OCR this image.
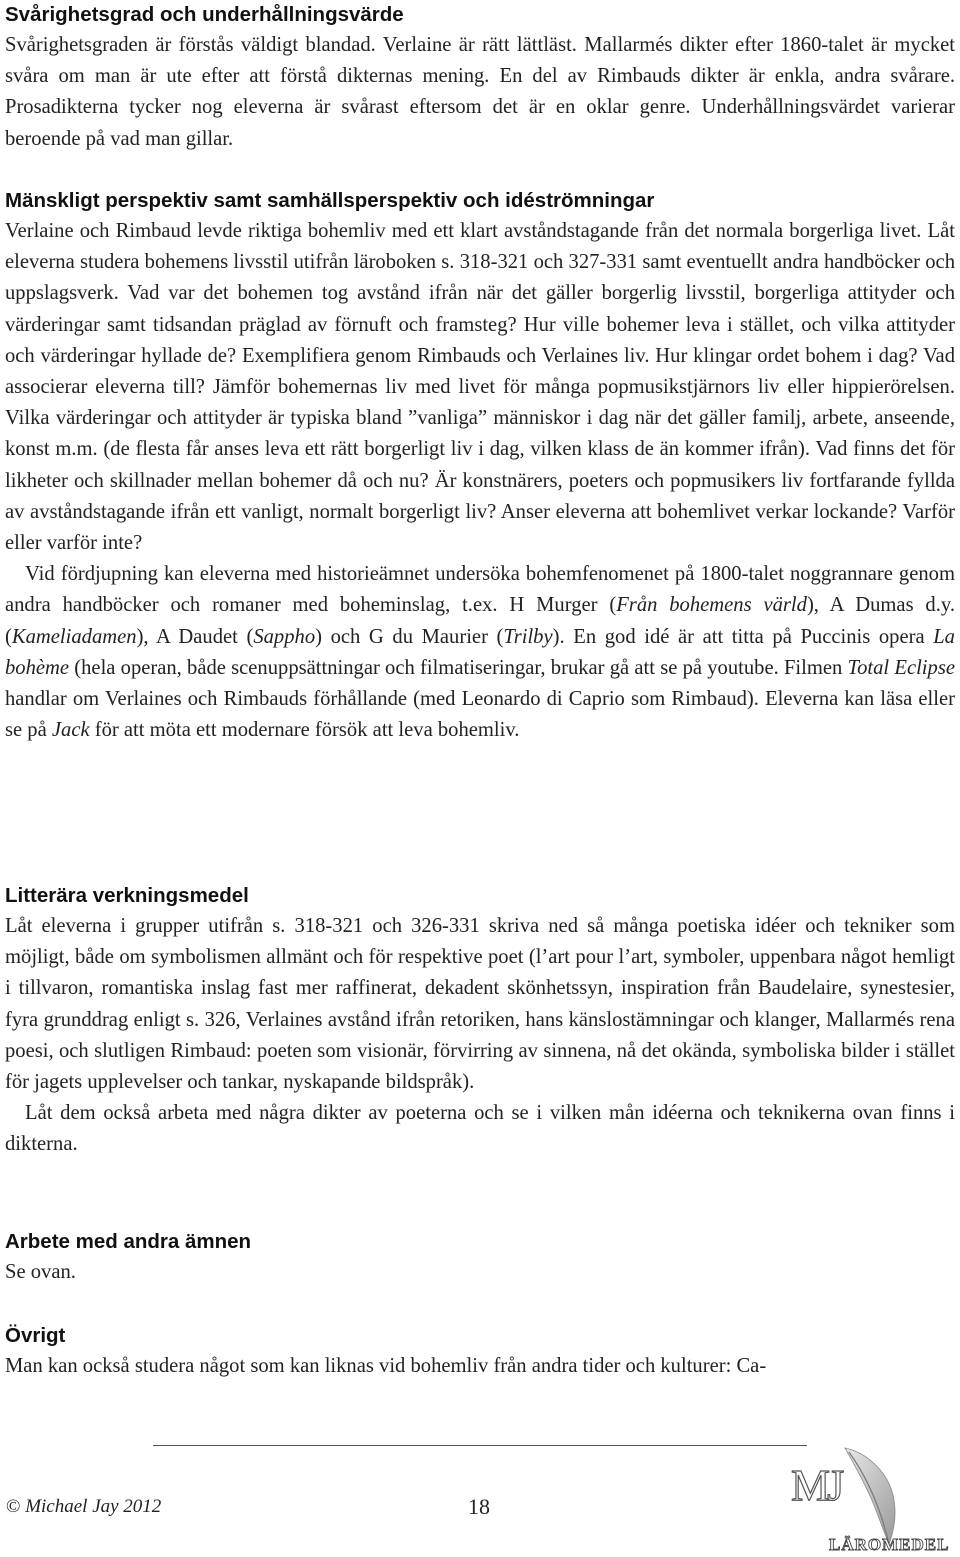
Svårighetsgrad och underhållningsvärde

Svårighetsgraden är förstås väldigt blandad. Verlaine är rätt lättläst. Mallarmés dikter efter 1860-talet är mycket svåra om man är ute efter att förstå dikternas mening. En del av Rimbauds dikter är enkla, andra svårare. Prosadikterna tycker nog eleverna är svårast eftersom det är en oklar genre. Underhållningsvärdet varierar beroende på vad man gillar.

Mänskligt perspektiv samt samhällsperspektiv och idéströmningar

Verlaine och Rimbaud levde riktiga bohemliv med ett klart avståndstagande från det normala borgerliga livet. Låt eleverna studera bohemens livsstil utifrån läroboken s. 318-321 och 327-331 samt eventuellt andra handböcker och uppslagsverk. Vad var det bohemen tog avstånd ifrån när det gäller borgerlig livsstil, borgerliga attityder och värderingar samt tidsandan präglad av förnuft och framsteg? Hur ville bohemer leva i stället, och vilka attityder och värderingar hyllade de? Exemplifiera genom Rimbauds och Verlaines liv. Hur klingar ordet bohem i dag? Vad associerar eleverna till? Jämför bohemernas liv med livet för många popmusikstjärnors liv eller hippierörelsen. Vilka värderingar och attityder är typiska bland ”vanliga” människor i dag när det gäller familj, arbete, anseende, konst m.m. (de flesta får anses leva ett rätt borgerligt liv i dag, vilken klass de än kommer ifrån). Vad finns det för likheter och skillnader mellan bohemer då och nu? Är konstnärers, poeters och popmusikers liv fortfarande fyllda av avståndstagande ifrån ett vanligt, normalt borgerligt liv? Anser eleverna att bohemlivet verkar lockande? Varför eller varför inte?

Vid fördjupning kan eleverna med historieämnet undersöka bohemfenomenet på 1800-talet noggrannare genom andra handböcker och romaner med boheminslag, t.ex. H Murger (Från bohemens värld), A Dumas d.y. (Kameliadamen), A Daudet (Sappho) och G du Maurier (Trilby). En god idé är att titta på Puccinis opera La bohème (hela operan, både scenuppsättningar och filmatiseringar, brukar gå att se på youtube. Filmen Total Eclipse handlar om Verlaines och Rimbauds förhållande (med Leonardo di Caprio som Rimbaud). Eleverna kan läsa eller se på Jack för att möta ett modernare försök att leva bohemliv.

Litterära verkningsmedel

Låt eleverna i grupper utifrån s. 318-321 och 326-331 skriva ned så många poetiska idéer och tekniker som möjligt, både om symbolismen allmänt och för respektive poet (l’art pour l’art, symboler, uppenbara något hemligt i tillvaron, romantiska inslag fast mer raffinerat, dekadent skönhetssyn, inspiration från Baudelaire, synestesier, fyra grunddrag enligt s. 326, Verlaines avstånd ifrån retoriken, hans känslostämningar och klanger, Mallarmés rena poesi, och slutligen Rimbaud: poeten som visionär, förvirring av sinnena, nå det okända, symboliska bilder i stället för jagets upplevelser och tankar, nyskapande bildspråk).

Låt dem också arbeta med några dikter av poeterna och se i vilken mån idéerna och teknikerna ovan finns i dikterna.

Arbete med andra ämnen

Se ovan.

Övrigt

Man kan också studera något som kan liknas vid bohemliv från andra tider och kulturer: Ca-

© Michael Jay 2012	18	MJ
LÄROMEDEL
